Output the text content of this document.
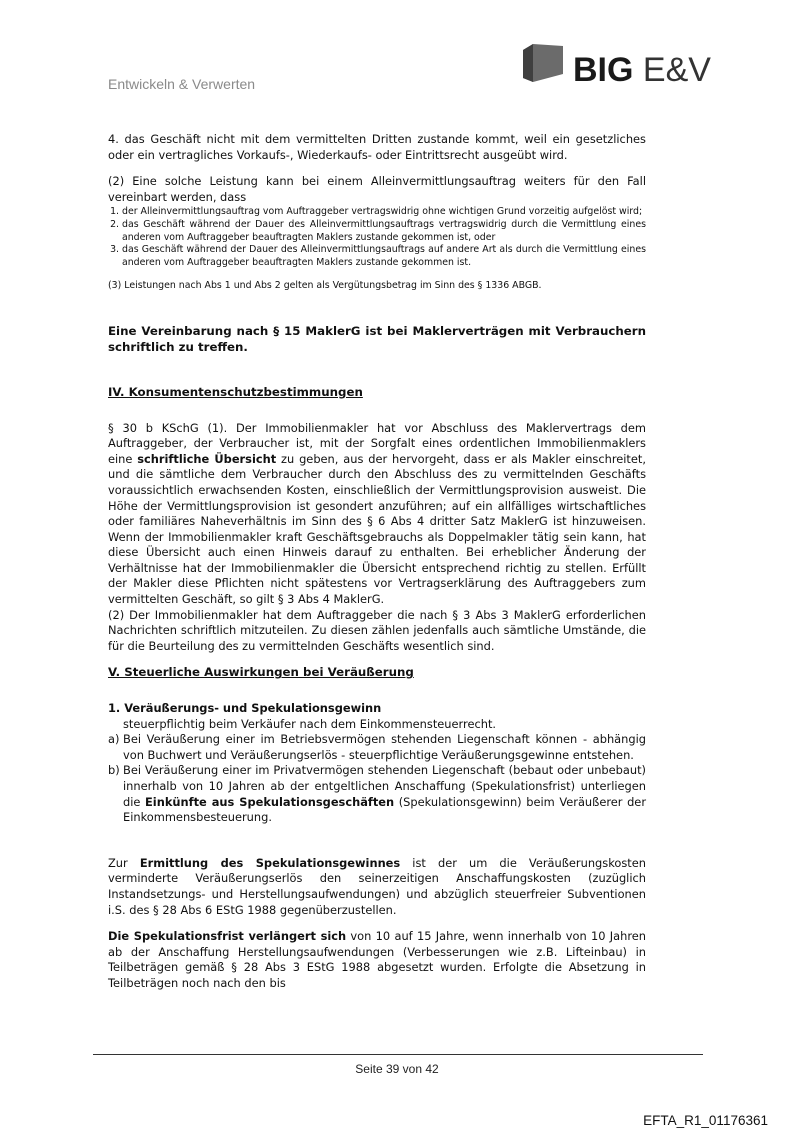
Entwickeln & Verwerten	BIG E&V

4. das Geschäft nicht mit dem vermittelten Dritten zustande kommt, weil ein gesetzliches oder ein vertragliches Vorkaufs-, Wiederkaufs- oder Eintrittsrecht ausgeübt wird.

(2) Eine solche Leistung kann bei einem Alleinvermittlungsauftrag weiters für den Fall vereinbart werden, dass

1. der Alleinvermittlungsauftrag vom Auftraggeber vertragswidrig ohne wichtigen Grund vorzeitig aufgelöst wird;
2. das Geschäft während der Dauer des Alleinvermittlungsauftrags vertragswidrig durch die Vermittlung eines anderen vom Auftraggeber beauftragten Maklers zustande gekommen ist, oder
3. das Geschäft während der Dauer des Alleinvermittlungsauftrags auf andere Art als durch die Vermittlung eines anderen vom Auftraggeber beauftragten Maklers zustande gekommen ist.

(3) Leistungen nach Abs 1 und Abs 2 gelten als Vergütungsbetrag im Sinn des § 1336 ABGB.

Eine Vereinbarung nach § 15 MaklerG ist bei Maklerverträgen mit Verbrauchern schriftlich zu treffen.

IV. Konsumentenschutzbestimmungen

§ 30 b KSchG (1). Der Immobilienmakler hat vor Abschluss des Maklervertrags dem Auftraggeber, der Verbraucher ist, mit der Sorgfalt eines ordentlichen Immobilienmaklers eine schriftliche Übersicht zu geben, aus der hervorgeht, dass er als Makler einschreitet, und die sämtliche dem Verbraucher durch den Abschluss des zu vermittelnden Geschäfts voraussichtlich erwachsenden Kosten, einschließlich der Vermittlungsprovision ausweist. Die Höhe der Vermittlungsprovision ist gesondert anzuführen; auf ein allfälliges wirtschaftliches oder familiäres Naheverhältnis im Sinn des § 6 Abs 4 dritter Satz MaklerG ist hinzuweisen. Wenn der Immobilienmakler kraft Geschäftsgebrauchs als Doppelmakler tätig sein kann, hat diese Übersicht auch einen Hinweis darauf zu enthalten. Bei erheblicher Änderung der Verhältnisse hat der Immobilienmakler die Übersicht entsprechend richtig zu stellen. Erfüllt der Makler diese Pflichten nicht spätestens vor Vertragserklärung des Auftraggebers zum vermittelten Geschäft, so gilt § 3 Abs 4 MaklerG.

(2) Der Immobilienmakler hat dem Auftraggeber die nach § 3 Abs 3 MaklerG erforderlichen Nachrichten schriftlich mitzuteilen. Zu diesen zählen jedenfalls auch sämtliche Umstände, die für die Beurteilung des zu vermittelnden Geschäfts wesentlich sind.

V. Steuerliche Auswirkungen bei Veräußerung

1. Veräußerungs- und Spekulationsgewinn

steuerpflichtig beim Verkäufer nach dem Einkommensteuerrecht.

a) Bei Veräußerung einer im Betriebsvermögen stehenden Liegenschaft können - abhängig von Buchwert und Veräußerungserlös - steuerpflichtige Veräußerungsgewinne entstehen.
b) Bei Veräußerung einer im Privatvermögen stehenden Liegenschaft (bebaut oder unbebaut) innerhalb von 10 Jahren ab der entgeltlichen Anschaffung (Spekulationsfrist) unterliegen die Einkünfte aus Spekulationsgeschäften (Spekulationsgewinn) beim Veräußerer der Einkommensbesteuerung.

Zur Ermittlung des Spekulationsgewinnes ist der um die Veräußerungskosten verminderte Veräußerungserlös den seinerzeitigen Anschaffungskosten (zuzüglich Instandsetzungs- und Herstellungsaufwendungen) und abzüglich steuerfreier Subventionen i.S. des § 28 Abs 6 EStG 1988 gegenüberzustellen.

Die Spekulationsfrist verlängert sich von 10 auf 15 Jahre, wenn innerhalb von 10 Jahren ab der Anschaffung Herstellungsaufwendungen (Verbesserungen wie z.B. Lifteinbau) in Teilbeträgen gemäß § 28 Abs 3 EStG 1988 abgesetzt wurden. Erfolgte die Absetzung in Teilbeträgen noch nach den bis

Seite 39 von 42
EFTA_R1_01176361
